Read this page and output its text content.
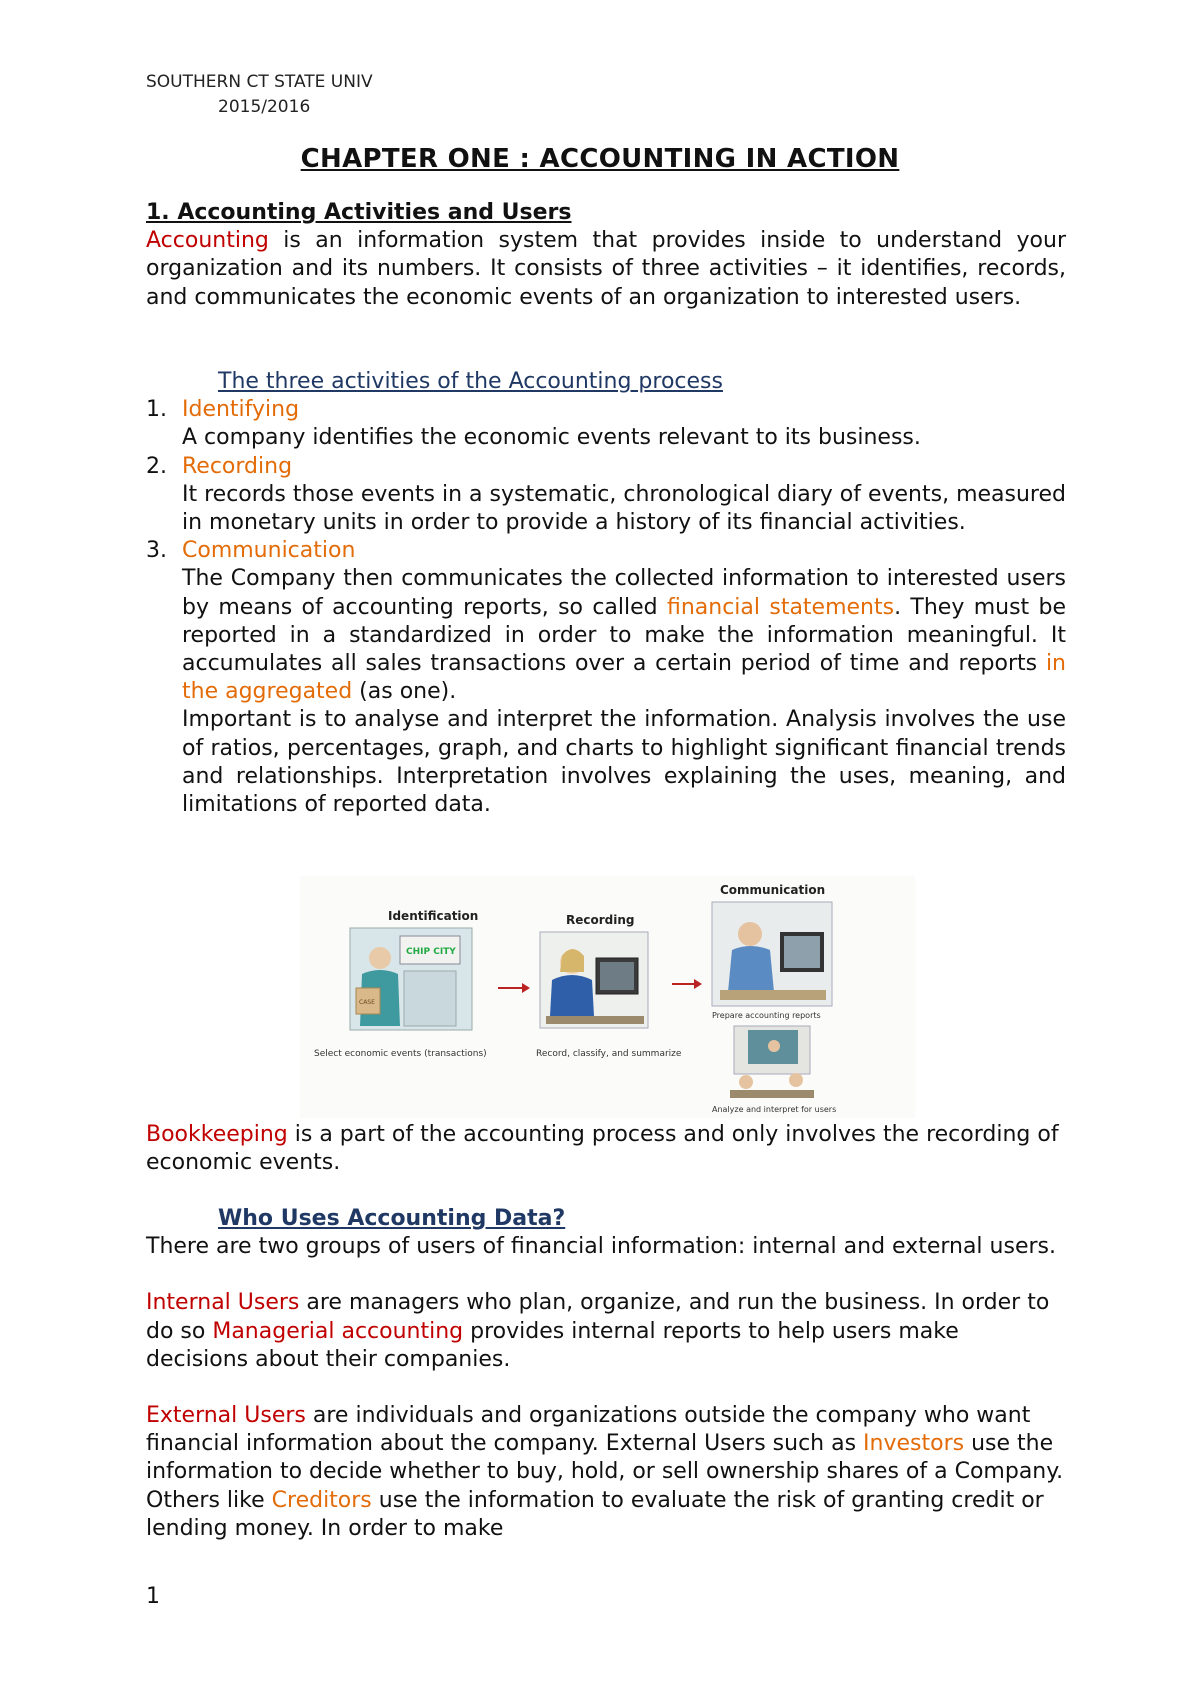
SOUTHERN CT STATE UNIV
2015/2016
CHAPTER ONE : ACCOUNTING IN ACTION
1. Accounting Activities and Users
Accounting is an information system that provides inside to understand your organization and its numbers. It consists of three activities – it identifies, records, and communicates the economic events of an organization to interested users.
The three activities of the Accounting process
1. Identifying
A company identifies the economic events relevant to its business.
2. Recording
It records those events in a systematic, chronological diary of events, measured in monetary units in order to provide a history of its financial activities.
3. Communication
The Company then communicates the collected information to interested users by means of accounting reports, so called financial statements. They must be reported in a standardized in order to make the information meaningful. It accumulates all sales transactions over a certain period of time and reports in the aggregated (as one).
Important is to analyse and interpret the information. Analysis involves the use of ratios, percentages, graph, and charts to highlight significant financial trends and relationships. Interpretation involves explaining the uses, meaning, and limitations of reported data.
Identification
CHIP CITY
CASE
Select economic events (transactions)
Recording
Record, classify, and summarize
Communication
Prepare accounting reports
Analyze and interpret for users
Bookkeeping is a part of the accounting process and only involves the recording of economic events.
Who Uses Accounting Data?
There are two groups of users of financial information: internal and external users.
Internal Users are managers who plan, organize, and run the business. In order to do so Managerial accounting provides internal reports to help users make decisions about their companies.
External Users are individuals and organizations outside the company who want financial information about the company. External Users such as Investors use the information to decide whether to buy, hold, or sell ownership shares of a Company. Others like Creditors use the information to evaluate the risk of granting credit or lending money. In order to make
1
